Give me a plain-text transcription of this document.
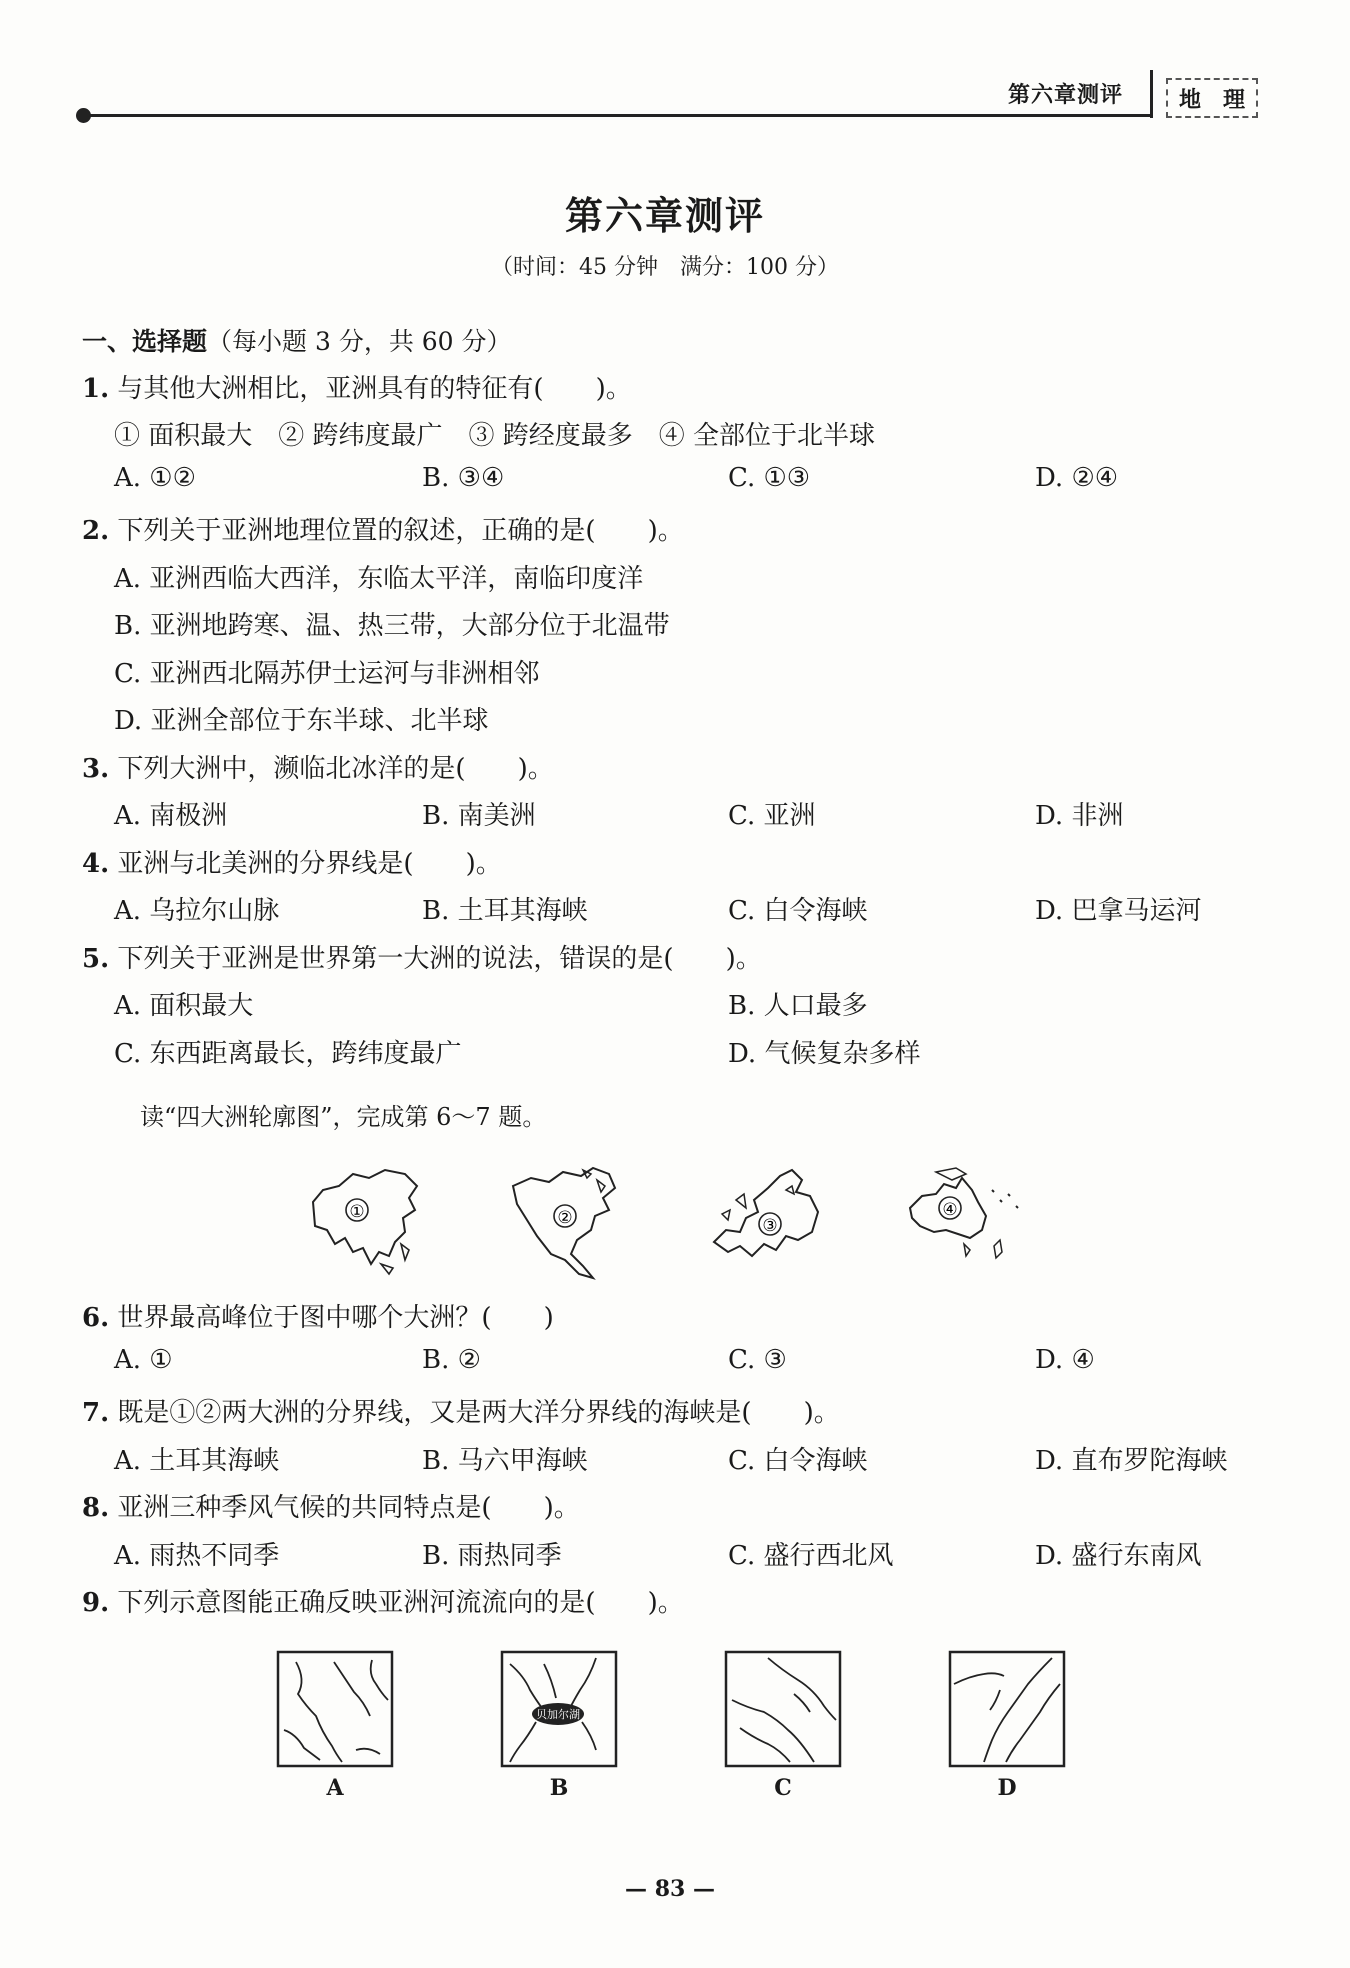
第六章测评	地 理
第六章测评
（时间：45 分钟　满分：100 分）
一、选择题（每小题 3 分，共 60 分）
1. 与其他大洲相比，亚洲具有的特征有(　　)。
① 面积最大　② 跨纬度最广　③ 跨经度最多　④ 全部位于北半球
A. ①②	B. ③④	C. ①③	D. ②④
2. 下列关于亚洲地理位置的叙述，正确的是(　　)。
A. 亚洲西临大西洋，东临太平洋，南临印度洋
B. 亚洲地跨寒、温、热三带，大部分位于北温带
C. 亚洲西北隔苏伊士运河与非洲相邻
D. 亚洲全部位于东半球、北半球
3. 下列大洲中，濒临北冰洋的是(　　)。
A. 南极洲	B. 南美洲	C. 亚洲	D. 非洲
4. 亚洲与北美洲的分界线是(　　)。
A. 乌拉尔山脉	B. 土耳其海峡	C. 白令海峡	D. 巴拿马运河
5. 下列关于亚洲是世界第一大洲的说法，错误的是(　　)。
A. 面积最大	B. 人口最多
C. 东西距离最长，跨纬度最广	D. 气候复杂多样
读“四大洲轮廓图”，完成第 6～7 题。
①	②	③
④
6. 世界最高峰位于图中哪个大洲？(　　)
A. ①	B. ②	C. ③	D. ④
7. 既是①②两大洲的分界线，又是两大洋分界线的海峡是(　　)。
A. 土耳其海峡	B. 马六甲海峡	C. 白令海峡	D. 直布罗陀海峡
8. 亚洲三种季风气候的共同特点是(　　)。
A. 雨热不同季	B. 雨热同季	C. 盛行西北风	D. 盛行东南风
9. 下列示意图能正确反映亚洲河流流向的是(　　)。
A
贝加尔湖
B	C	D
— 83 —
